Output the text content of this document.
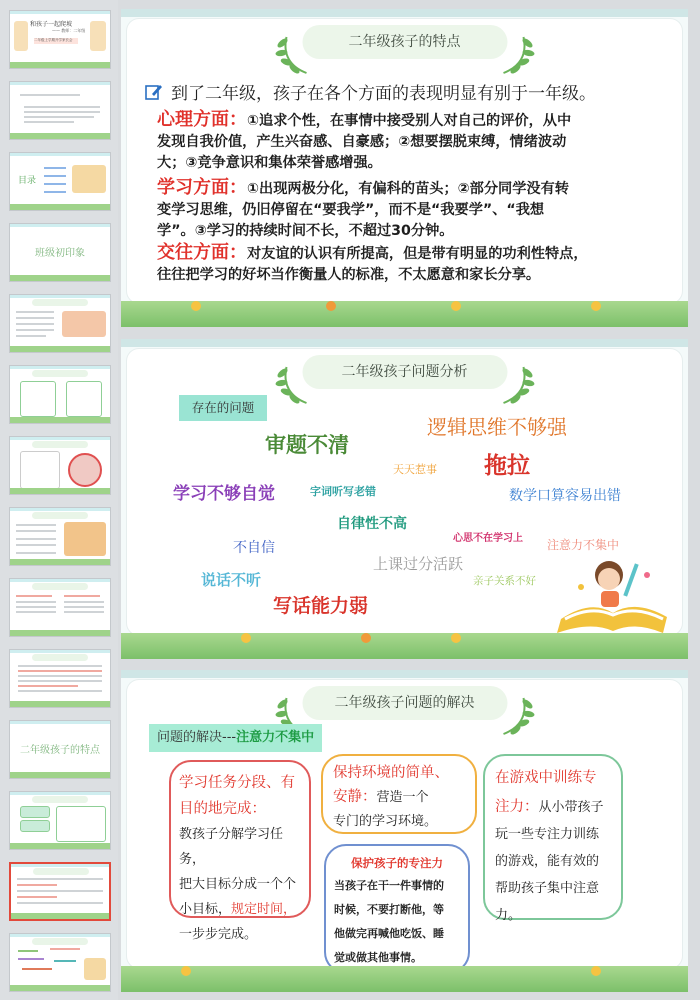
和孩子一起爬坡
—— 教师：二年级
二年级上学期开学家长会
目录
班级初印象
二年级孩子的特点
二年级孩子的特点
到了二年级，孩子在各个方面的表现明显有别于一年级。
心理方面：①追求个性，在事情中接受别人对自己的评价，从中
发现自我价值，产生兴奋感、自豪感；②想要摆脱束缚，情绪波动
大；③竞争意识和集体荣誉感增强。
学习方面：①出现两极分化，有偏科的苗头；②部分同学没有转
变学习思维，仍旧停留在“要我学”，而不是“我要学”、“我想
学”。③学习的持续时间不长，不超过30分钟。
交往方面：对友谊的认识有所提高，但是带有明显的功利性特点，
往往把学习的好坏当作衡量人的标准，不太愿意和家长分享。
二年级孩子问题分析
存在的问题
审题不清
逻辑思维不够强
天天惹事 拖拉
学习不够自觉	字词听写老错	数学口算容易出错
自律性不高
心思不在学习上
不自信	注意力不集中
上课过分活跃
说话不听	亲子关系不好
写话能力弱
二年级孩子问题的解决
问题的解决---注意力不集中
学习任务分段、有
目的地完成：
教孩子分解学习任务，
把大目标分成一个个
小目标，规定时间，
一步步完成。
保持环境的简单、
安静：营造一个
专门的学习环境。
保护孩子的专注力
当孩子在干一件事情的
时候，不要打断他，等
他做完再喊他吃饭、睡
觉或做其他事情。
在游戏中训练专
注力：从小带孩子
玩一些专注力训练
的游戏，能有效的
帮助孩子集中注意
力。
